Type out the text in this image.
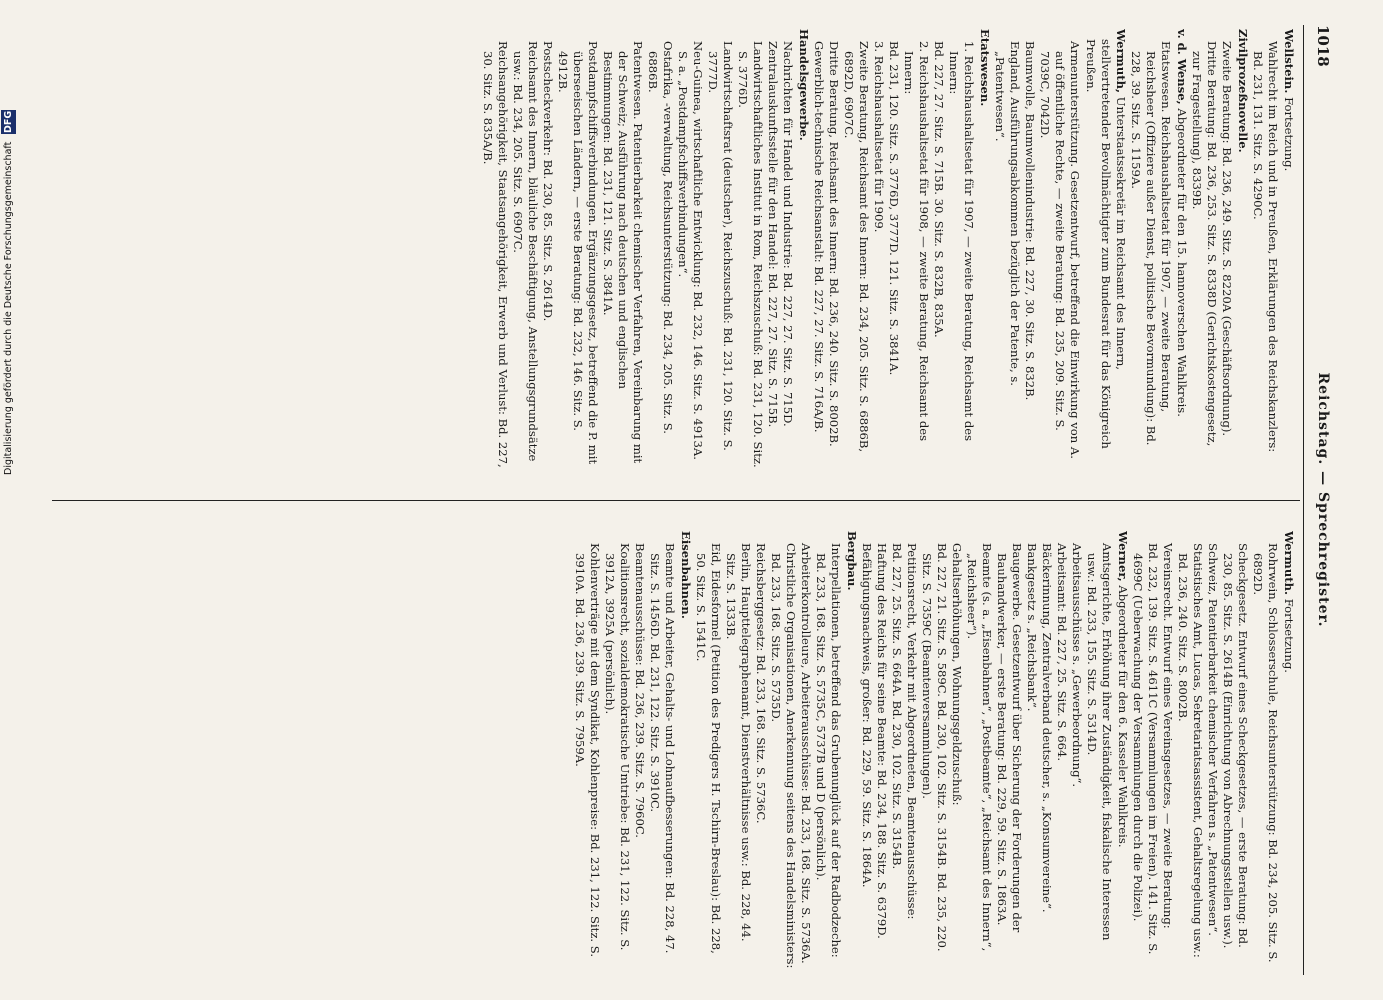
1018
Reichstag. — Sprechregister.

Wellstein. Fortsetzung.

Wahlrecht im Reich und in Preußen, Erklärungen des Reichskanzlers: Bd. 231, 131. Sitz. S. 4290C.

Zivilprozeßnovelle.

Zweite Beratung: Bd. 236, 249. Sitz. S. 8220A (Geschäftsordnung).

Dritte Beratung: Bd. 236, 253. Sitz. S. 8338D (Gerichtskostengesetz, zur Fragestellung), 8339B.

v. d. Wense, Abgeordneter für den 15. hannoverschen Wahlkreis.

Etatswesen. Reichshaushaltsetat für 1907, — zweite Beratung, Reichsheer (Offiziere außer Dienst, politische Bevormundung): Bd. 228, 39. Sitz. S. 1159A.

Wermuth, Unterstaatssekretär im Reichsamt des Innern, stellvertretender Bevollmächtigter zum Bundesrat für das Königreich Preußen.

Armenunterstützung. Gesetzentwurf, betreffend die Einwirkung von A. auf öffentliche Rechte, — zweite Beratung: Bd. 235, 209. Sitz. S. 7039C, 7042D.

Baumwolle, Baumwollenindustrie: Bd. 227, 30. Sitz. S. 832B.

England, Ausführungsabkommen bezüglich der Patente, s. „Patentwesen“.

Etatswesen.

1. Reichshaushaltsetat für 1907, — zweite Beratung, Reichsamt des Innern:

Bd. 227, 27. Sitz. S. 715B. 30. Sitz. S. 832B, 835A.

2. Reichshaushaltsetat für 1908, — zweite Beratung, Reichsamt des Innern:

Bd. 231, 120. Sitz. S. 3776D, 3777D. 121. Sitz. S. 3841A.

3. Reichshaushaltsetat für 1909.

Zweite Beratung, Reichsamt des Innern: Bd. 234, 205. Sitz. S. 6886B, 6892D, 6907C.

Dritte Beratung, Reichsamt des Innern: Bd. 236, 240. Sitz. S. 8002B.

Gewerblich-technische Reichsanstalt: Bd. 227, 27. Sitz. S. 716A/B.

Handelsgewerbe.

Nachrichten für Handel und Industrie: Bd. 227, 27. Sitz. S. 715D.

Zentralauskunftsstelle für den Handel: Bd. 227, 27. Sitz. S. 715B.

Landwirtschaftliches Institut in Rom, Reichszuschuß: Bd. 231, 120. Sitz. S. 3776D.

Landwirtschaftsrat (deutscher), Reichszuschuß: Bd. 231, 120. Sitz. S. 3777D.

Neu-Guinea, wirtschaftliche Entwicklung: Bd. 232, 146. Sitz. S. 4913A. S. a. „Postdampfschiffsverbindungen“.

Ostafrika, -verwaltung, Reichsunterstützung: Bd. 234, 205. Sitz. S. 6886B.

Patentwesen. Patentierbarkeit chemischer Verfahren, Vereinbarung mit der Schweiz; Ausführung nach deutschen und englischen Bestimmungen: Bd. 231, 121. Sitz. S. 3841A.

Postdampfschiffsverbindungen. Ergänzungsgesetz, betreffend die P. mit überseeischen Ländern, — erste Beratung: Bd. 232, 146. Sitz. S. 4912B.

Postscheckverkehr: Bd. 230, 85. Sitz. S. 2614D.

Reichsamt des Innern, bläuliche Beschäftigung, Anstellungsgrundsätze usw.: Bd. 234, 205. Sitz. S. 6907C.

Reichsangehörigkeit, Staatsangehörigkeit, Erwerb und Verlust: Bd. 227, 30. Sitz. S. 835A/B.

Wermuth. Fortsetzung.

Rohrwein, Schlosserschule, Reichsunterstützung: Bd. 234, 205. Sitz. S. 6892D.

Scheckgesetz. Entwurf eines Scheckgesetzes, — erste Beratung: Bd. 230, 85. Sitz. S. 2614B (Einrichtung von Abrechnungsstellen usw.).

Schweiz, Patentierbarkeit chemischer Verfahren s. „Patentwesen“.

Statistisches Amt, Lucas, Sekretariatsassistent, Gehaltsregelung usw.: Bd. 236, 240. Sitz. S. 8002B.

Vereinsrecht. Entwurf eines Vereinsgesetzes, — zweite Beratung:

Bd. 232, 139. Sitz. S. 4611C (Versammlungen im Freien). 141. Sitz. S. 4699C (Ueberwachung der Versammlungen durch die Polizei).

Werner, Abgeordneter für den 6. Kasseler Wahlkreis.

Amtsgerichte, Erhöhung ihrer Zuständigkeit, fiskalische Interessen usw.: Bd. 233, 155. Sitz. S. 5314D.

Arbeitsausschüsse s. „Gewerbeordnung“.

Arbeitsamt: Bd. 227, 25. Sitz. S. 664.

Bäckerinnung, Zentralverband deutscher, s. „Konsumvereine“.

Bankgesetz s. „Reichsbank“.

Baugewerbe. Gesetzentwurf über Sicherung der Forderungen der Bauhandwerker, — erste Beratung: Bd. 229, 59. Sitz. S. 1863A.

Beamte (s. a. „Eisenbahnen“, „Postbeamte“, „Reichsamt des Innern“, „Reichsheer“).

Gehaltserhöhungen, Wohnungsgeldzuschuß:

Bd. 227, 21. Sitz. S. 589C. Bd. 230, 102. Sitz. S. 3154B. Bd. 235, 220. Sitz. S. 7359C (Beamtenversammlungen).

Petitionsrecht, Verkehr mit Abgeordneten, Beamtenausschüsse:

Bd. 227, 25. Sitz. S. 664A. Bd. 230, 102. Sitz. S. 3154B.

Haftung des Reichs für seine Beamte: Bd. 234, 188. Sitz. S. 6379D.

Befähigungsnachweis, großer: Bd. 229, 59. Sitz. S. 1864A.

Bergbau.

Interpellationen, betreffend das Grubenunglück auf der Radbodzeche: Bd. 233, 168. Sitz. S. 5735C, 5737B und D (persönlich).

Arbeiterkontrolleure, Arbeiterausschüsse: Bd. 233, 168. Sitz. S. 5736A.

Christliche Organisationen, Anerkennung seitens des Handelsministers: Bd. 233, 168. Sitz. S. 5735D.

Reichsberggesetz: Bd. 233, 168. Sitz. S. 5736C.

Berlin, Haupttelegraphenamt, Dienstverhältnisse usw.: Bd. 228, 44. Sitz. S. 1333B.

Eid, Eidesformel (Petition des Predigers H. Tschirn-Breslau): Bd. 228, 50. Sitz. S. 1541C.

Eisenbahnen.

Beamte und Arbeiter, Gehalts- und Lohnaufbesserungen: Bd. 228, 47. Sitz. S. 1456D. Bd. 231, 122. Sitz. S. 3910C.

Beamtenausschüsse: Bd. 236, 239. Sitz. S. 7960C.

Koalitionsrecht, sozialdemokratische Umtriebe: Bd. 231, 122. Sitz. S. 3912A, 3925A (persönlich).

Kohlenverträge mit dem Syndikat, Kohlenpreise: Bd. 231, 122. Sitz. S. 3910A. Bd. 236, 239. Sitz. S. 7959A.

Digitalisierung gefördert durch die Deutsche Forschungsgemeinschaft DFG
